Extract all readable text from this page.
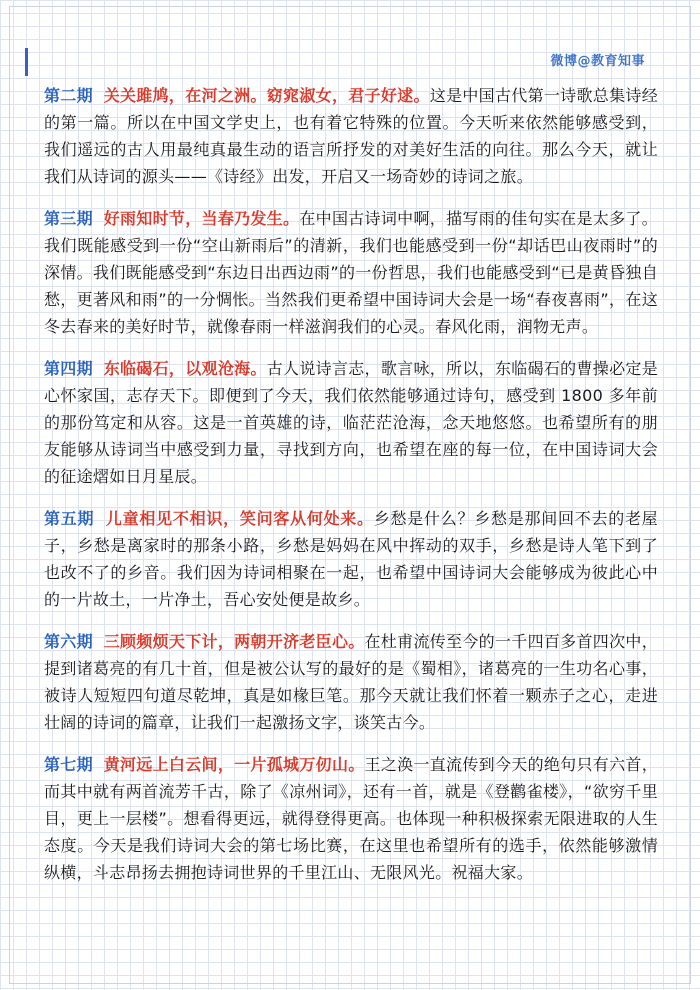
微博@教育知事

第二期 关关雎鸠，在河之洲。窈窕淑女，君子好逑。这是中国古代第一诗歌总集诗经的第一篇。所以在中国文学史上，也有着它特殊的位置。今天听来依然能够感受到，我们遥远的古人用最纯真最生动的语言所抒发的对美好生活的向往。那么今天，就让我们从诗词的源头——《诗经》出发，开启又一场奇妙的诗词之旅。

第三期 好雨知时节，当春乃发生。在中国古诗词中啊，描写雨的佳句实在是太多了。我们既能感受到一份“空山新雨后”的清新，我们也能感受到一份“却话巴山夜雨时”的深情。我们既能感受到“东边日出西边雨”的一份哲思，我们也能感受到“已是黄昏独自愁，更著风和雨”的一分惆怅。当然我们更希望中国诗词大会是一场“春夜喜雨”，在这冬去春来的美好时节，就像春雨一样滋润我们的心灵。春风化雨，润物无声。

第四期 东临碣石，以观沧海。古人说诗言志，歌言咏，所以，东临碣石的曹操必定是心怀家国，志存天下。即便到了今天，我们依然能够通过诗句，感受到 1800 多年前的那份笃定和从容。这是一首英雄的诗，临茫茫沧海，念天地悠悠。也希望所有的朋友能够从诗词当中感受到力量，寻找到方向，也希望在座的每一位，在中国诗词大会的征途熠如日月星辰。

第五期 儿童相见不相识，笑问客从何处来。乡愁是什么？乡愁是那间回不去的老屋子，乡愁是离家时的那条小路，乡愁是妈妈在风中挥动的双手，乡愁是诗人笔下到了也改不了的乡音。我们因为诗词相聚在一起，也希望中国诗词大会能够成为彼此心中的一片故土，一片净土，吾心安处便是故乡。

第六期 三顾频烦天下计，两朝开济老臣心。在杜甫流传至今的一千四百多首四次中，提到诸葛亮的有几十首，但是被公认写的最好的是《蜀相》，诸葛亮的一生功名心事，被诗人短短四句道尽乾坤，真是如椽巨笔。那今天就让我们怀着一颗赤子之心，走进壮阔的诗词的篇章，让我们一起激扬文字，谈笑古今。

第七期 黄河远上白云间，一片孤城万仞山。王之涣一直流传到今天的绝句只有六首，而其中就有两首流芳千古，除了《凉州词》，还有一首，就是《登鹳雀楼》，“欲穷千里目，更上一层楼”。想看得更远，就得登得更高。也体现一种积极探索无限进取的人生态度。今天是我们诗词大会的第七场比赛，在这里也希望所有的选手，依然能够激情纵横，斗志昂扬去拥抱诗词世界的千里江山、无限风光。祝福大家。
